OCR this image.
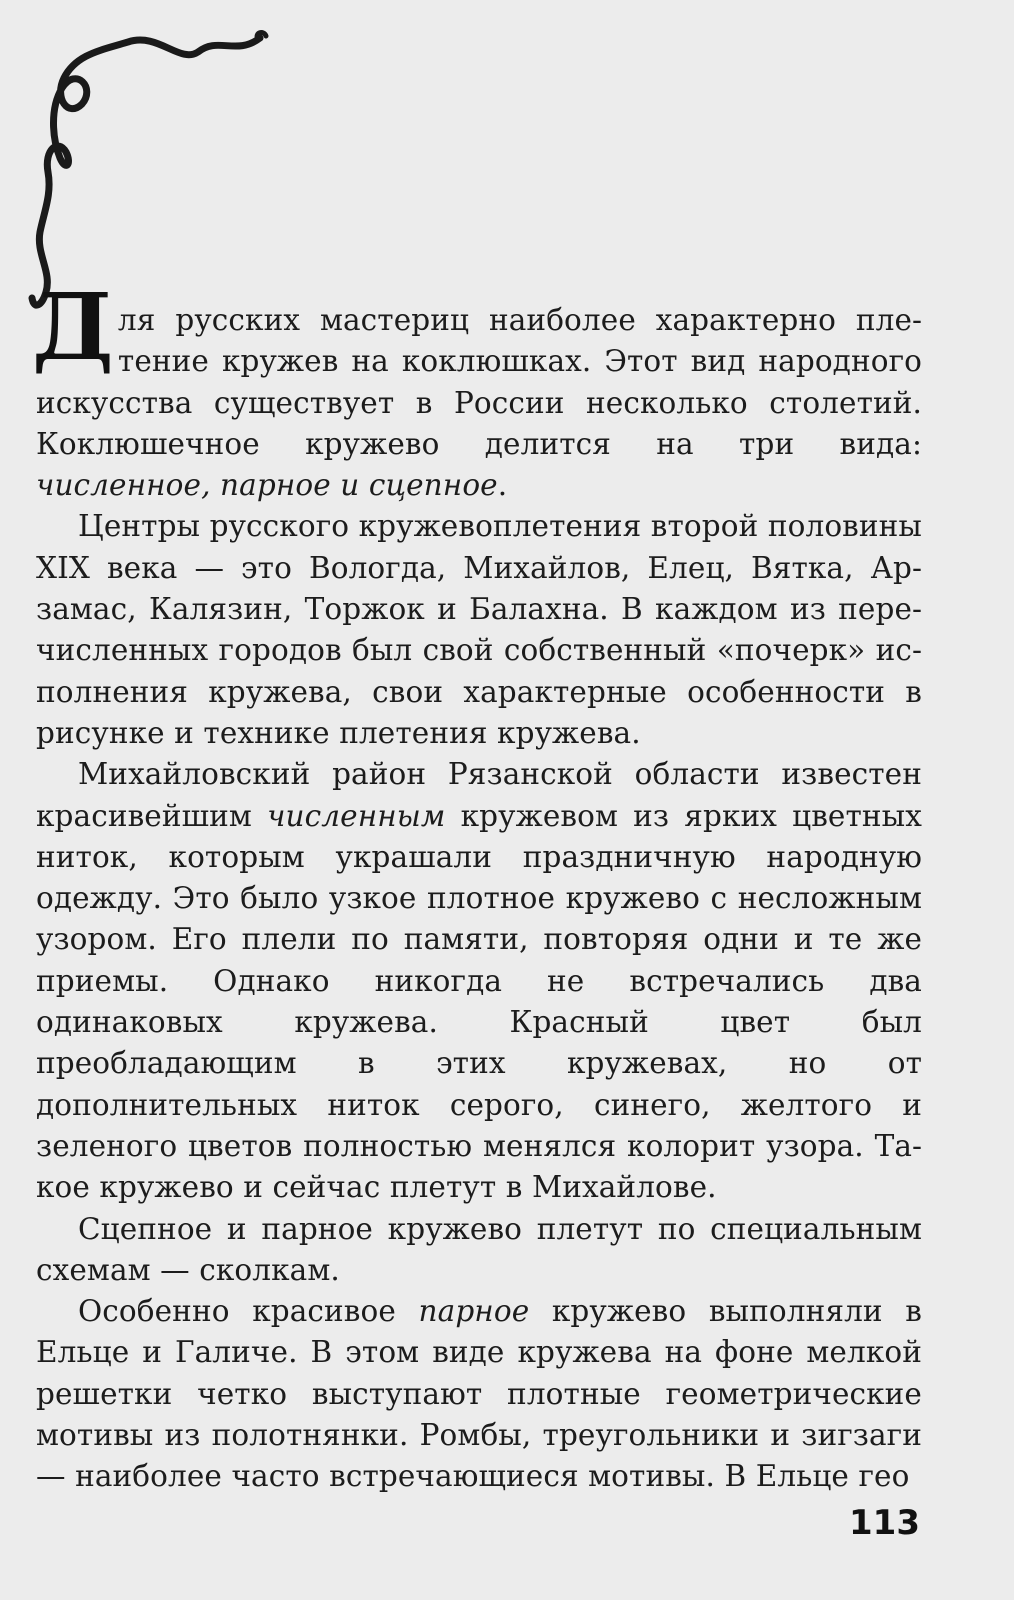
Для русских мастериц наиболее характерно плетение кружев на коклюшках. Этот вид народного искусства существует в России несколько столетий. Коклюшечное кружево делится на три вида: численное, парное и сцепное.

Центры русского кружевоплетения второй половины XIX века — это Вологда, Михайлов, Елец, Вятка, Арзамас, Калязин, Торжок и Балахна. В каждом из перечисленных городов был свой собственный «почерк» исполнения кружева, свои характерные особенности в рисунке и технике плетения кружева.

Михайловский район Рязанской области известен красивейшим численным кружевом из ярких цветных ниток, которым украшали праздничную народную одежду. Это было узкое плотное кружево с несложным узором. Его плели по памяти, повторяя одни и те же приемы. Однако никогда не встречались два одинаковых кружева. Красный цвет был преобладающим в этих кружевах, но от дополнительных ниток серого, синего, желтого и зеленого цветов полностью менялся колорит узора. Такое кружево и сейчас плетут в Михайлове.

Сцепное и парное кружево плетут по специальным схемам — сколкам.

Особенно красивое парное кружево выполняли в Ельце и Галиче. В этом виде кружева на фоне мелкой решетки четко выступают плотные геометрические мотивы из полотнянки. Ромбы, треугольники и зигзаги — наиболее часто встречающиеся мотивы. В Ельце гео

113
